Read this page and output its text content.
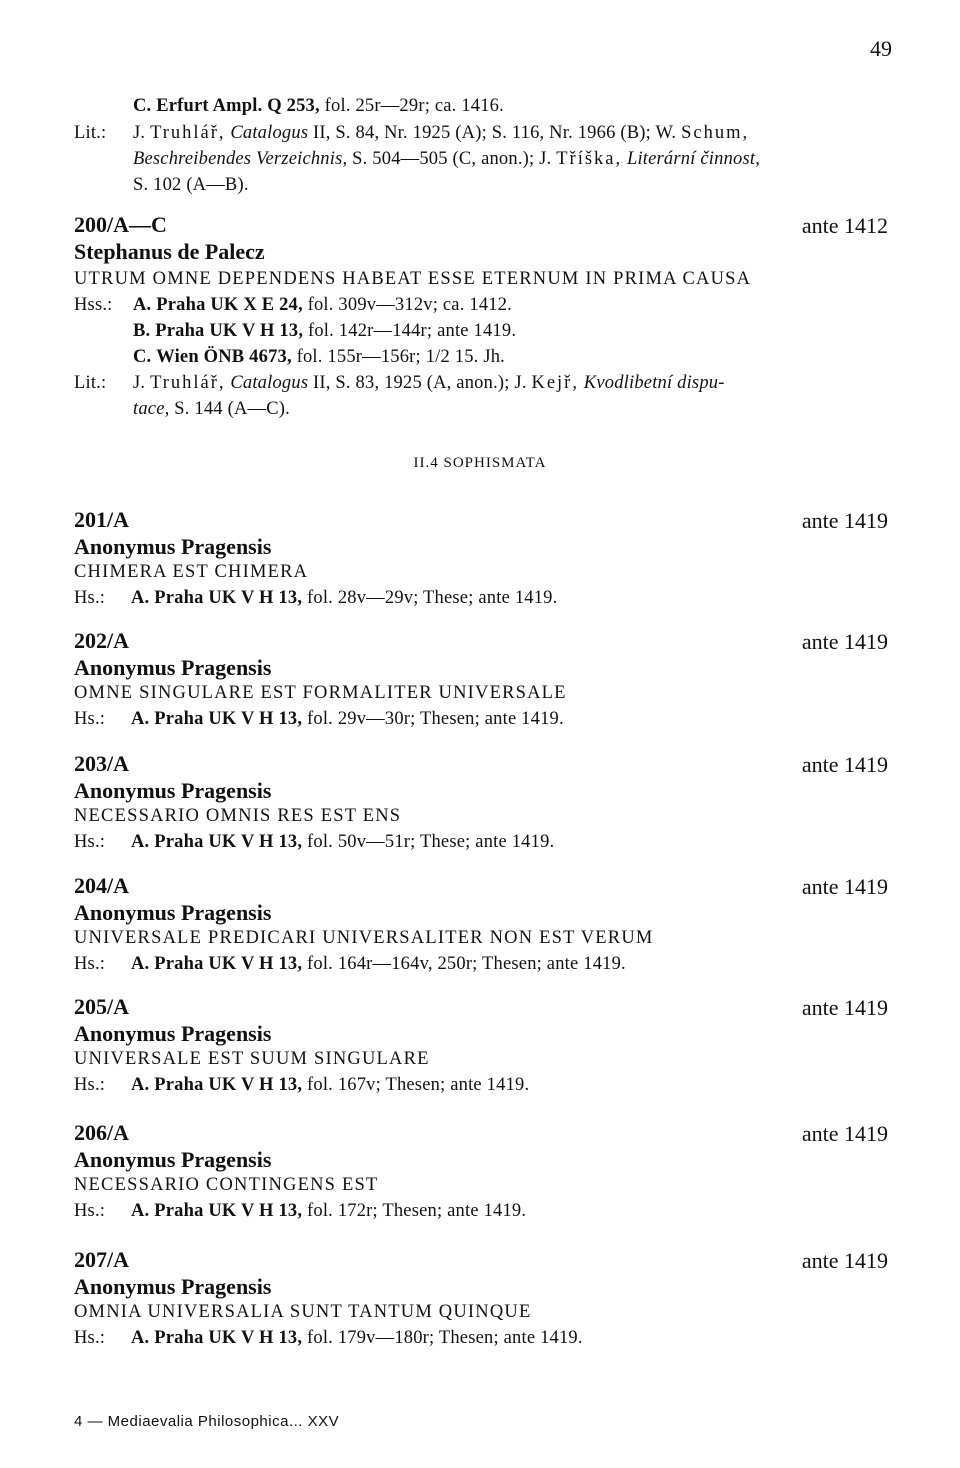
49
C. Erfurt Ampl. Q 253, fol. 25r—29r; ca. 1416.
Lit.: J. Truhlář, Catalogus II, S. 84, Nr. 1925 (A); S. 116, Nr. 1966 (B); W. Schum,
Beschreibendes Verzeichnis, S. 504—505 (C, anon.); J. Tříška, Literární činnost,
S. 102 (A—B).
200/A—C	ante 1412
Stephanus de Palecz
UTRUM OMNE DEPENDENS HABEAT ESSE ETERNUM IN PRIMA CAUSA
Hss.: A. Praha UK X E 24, fol. 309v—312v; ca. 1412.
B. Praha UK V H 13, fol. 142r—144r; ante 1419.
C. Wien ÖNB 4673, fol. 155r—156r; 1/2 15. Jh.
Lit.: J. Truhlář, Catalogus II, S. 83, 1925 (A, anon.); J. Kejř, Kvodlibetní dispu-
tace, S. 144 (A—C).
II.4 SOPHISMATA
201/A	ante 1419
Anonymus Pragensis
CHIMERA EST CHIMERA
Hs.: A. Praha UK V H 13, fol. 28v—29v; These; ante 1419.
202/A	ante 1419
Anonymus Pragensis
OMNE SINGULARE EST FORMALITER UNIVERSALE
Hs.: A. Praha UK V H 13, fol. 29v—30r; Thesen; ante 1419.
203/A	ante 1419
Anonymus Pragensis
NECESSARIO OMNIS RES EST ENS
Hs.: A. Praha UK V H 13, fol. 50v—51r; These; ante 1419.
204/A	ante 1419
Anonymus Pragensis
UNIVERSALE PREDICARI UNIVERSALITER NON EST VERUM
Hs.: A. Praha UK V H 13, fol. 164r—164v, 250r; Thesen; ante 1419.
205/A	ante 1419
Anonymus Pragensis
UNIVERSALE EST SUUM SINGULARE
Hs.: A. Praha UK V H 13, fol. 167v; Thesen; ante 1419.
206/A	ante 1419
Anonymus Pragensis
NECESSARIO CONTINGENS EST
Hs.: A. Praha UK V H 13, fol. 172r; Thesen; ante 1419.
207/A	ante 1419
Anonymus Pragensis
OMNIA UNIVERSALIA SUNT TANTUM QUINQUE
Hs.: A. Praha UK V H 13, fol. 179v—180r; Thesen; ante 1419.
4 — Mediaevalia Philosophica... XXV
